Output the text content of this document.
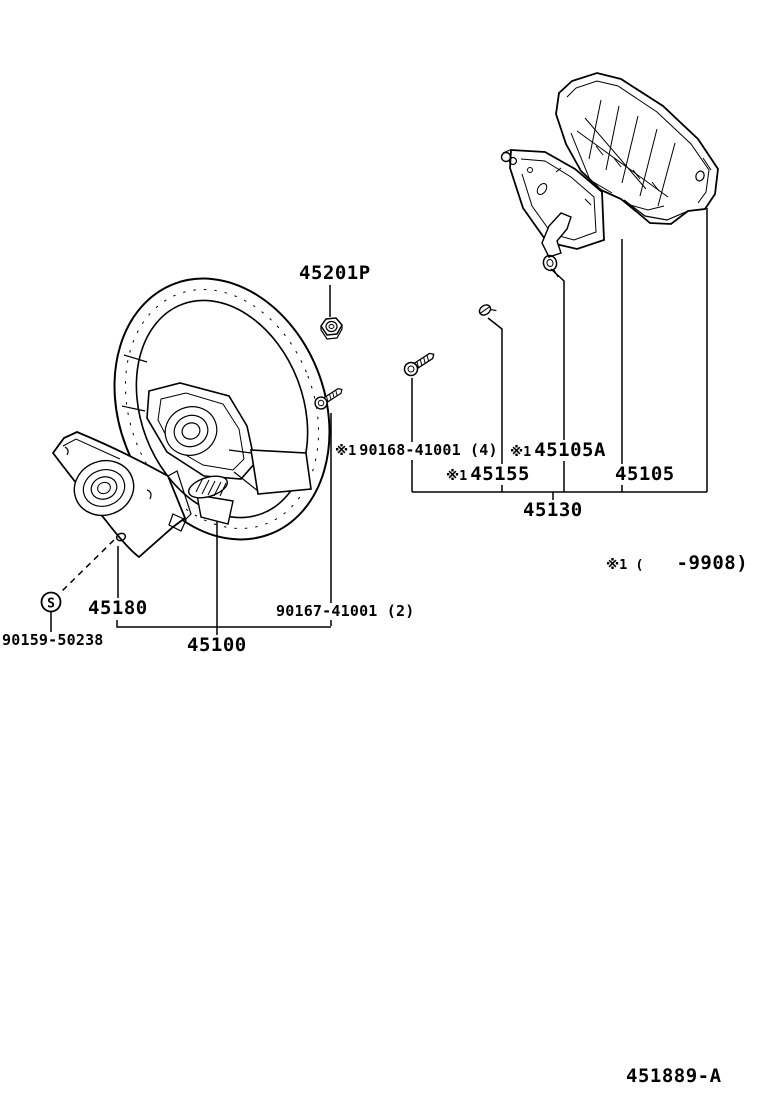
S
45201P
※1 90168-41001 (4)
※1 45155
※1 45105A
45105
45130
※1 ( -9908)
45180	90167-41001 (2)
90159-50238	45100
451889-A
